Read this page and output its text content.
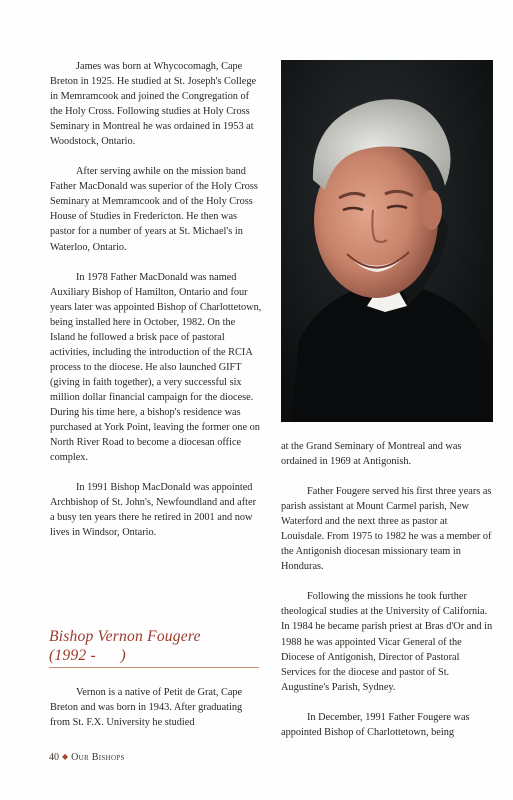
James was born at Whycocomagh, Cape Breton in 1925. He studied at St. Joseph's College in Memramcook and joined the Congregation of the Holy Cross. Following studies at Holy Cross Seminary in Montreal he was ordained in 1953 at Woodstock, Ontario.

After serving awhile on the mission band Father MacDonald was superior of the Holy Cross Seminary at Memramcook and of the Holy Cross House of Studies in Fredericton. He then was pastor for a number of years at St. Michael's in Waterloo, Ontario.

In 1978 Father MacDonald was named Auxiliary Bishop of Hamilton, Ontario and four years later was appointed Bishop of Charlottetown, being installed here in October, 1982. On the Island he followed a brisk pace of pastoral activities, including the introduction of the RCIA process to the diocese. He also launched GIFT (giving in faith together), a very successful six million dollar financial campaign for the diocese. During his time here, a bishop's residence was purchased at York Point, leaving the former one on North River Road to become a diocesan office complex.

In 1991 Bishop MacDonald was appointed Archbishop of St. John's, Newfoundland and after a busy ten years there he retired in 2001 and now lives in Windsor, Ontario.

Bishop Vernon Fougere
(1992 -      )

Vernon is a native of Petit de Grat, Cape Breton and was born in 1943. After graduating from St. F.X. University he studied

at the Grand Seminary of Montreal and was ordained in 1969 at Antigonish.

Father Fougere served his first three years as parish assistant at Mount Carmel parish, New Waterford and the next three as pastor at Louisdale. From 1975 to 1982 he was a member of the Antigonish diocesan missionary team in Honduras.

Following the missions he took further theological studies at the University of California. In 1984 he became parish priest at Bras d'Or and in 1988 he was appointed Vicar General of the Diocese of Antigonish, Director of Pastoral Services for the diocese and pastor of St. Augustine's Parish, Sydney.

In December, 1991 Father Fougere was appointed Bishop of Charlottetown, being

40 ◆ Our Bishops
